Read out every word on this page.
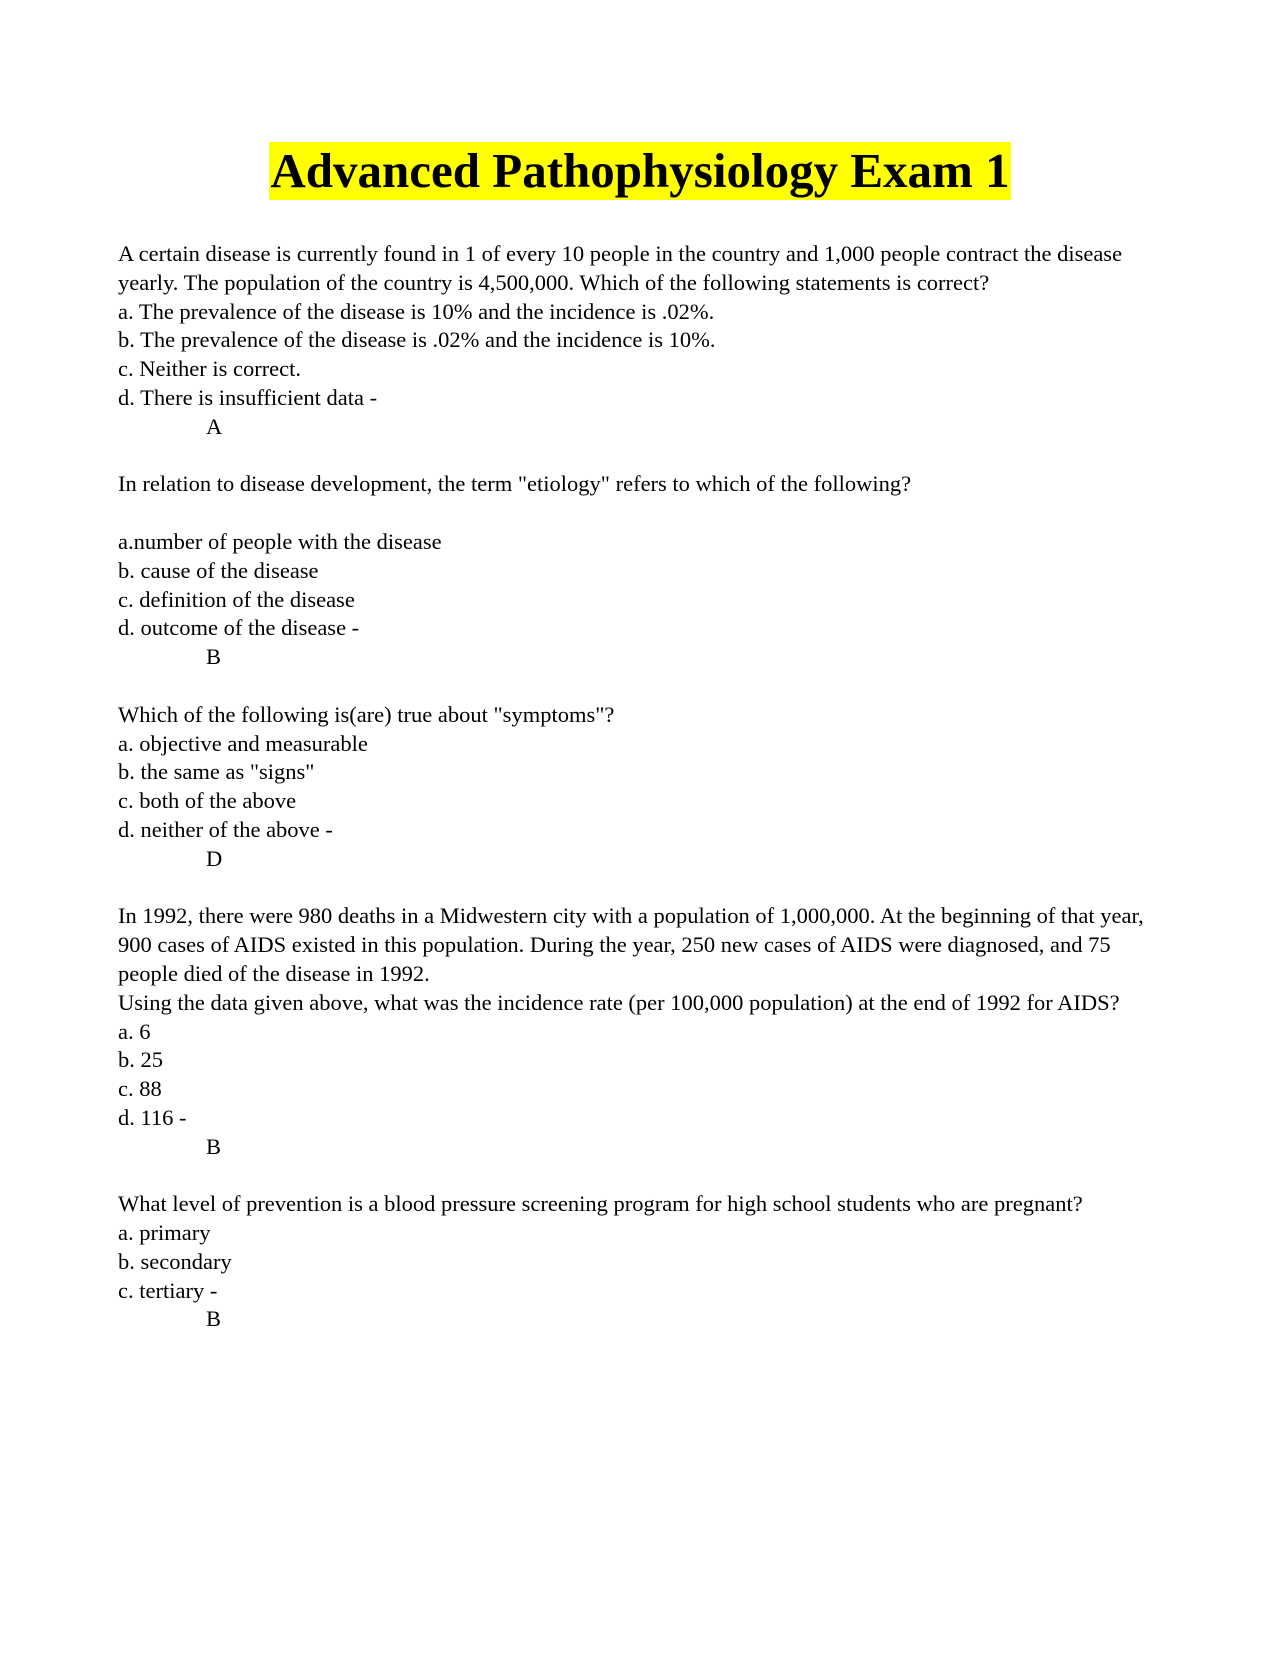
Advanced Pathophysiology Exam 1

A certain disease is currently found in 1 of every 10 people in the country and 1,000 people contract the disease yearly. The population of the country is 4,500,000. Which of the following statements is correct?

a. The prevalence of the disease is 10% and the incidence is .02%.

b. The prevalence of the disease is .02% and the incidence is 10%.

c. Neither is correct.

d. There is insufficient data -

A

In relation to disease development, the term "etiology" refers to which of the following?

a.number of people with the disease

b. cause of the disease

c. definition of the disease

d. outcome of the disease -

B

Which of the following is(are) true about "symptoms"?

a. objective and measurable

b. the same as "signs"

c. both of the above

d. neither of the above -

D

In 1992, there were 980 deaths in a Midwestern city with a population of 1,000,000. At the beginning of that year, 900 cases of AIDS existed in this population. During the year, 250 new cases of AIDS were diagnosed, and 75 people died of the disease in 1992.

Using the data given above, what was the incidence rate (per 100,000 population) at the end of 1992 for AIDS?

a. 6

b. 25

c. 88

d. 116 -

B

What level of prevention is a blood pressure screening program for high school students who are pregnant?

a. primary

b. secondary

c. tertiary -

B
